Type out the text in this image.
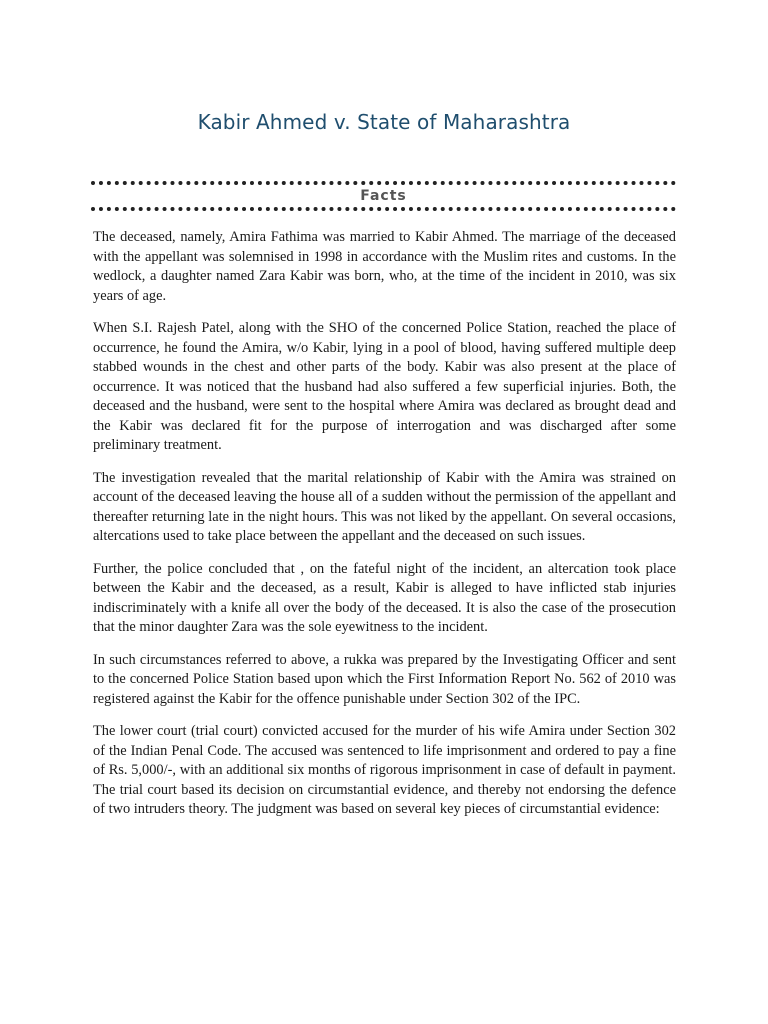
Kabir Ahmed v. State of Maharashtra
Facts

The deceased, namely, Amira Fathima was married to Kabir Ahmed. The marriage of the deceased with the appellant was solemnised in 1998 in accordance with the Muslim rites and customs. In the wedlock, a daughter named Zara Kabir was born, who, at the time of the incident in 2010, was six years of age.

When S.I. Rajesh Patel, along with the SHO of the concerned Police Station, reached the place of occurrence, he found the Amira, w/o Kabir, lying in a pool of blood, having suffered multiple deep stabbed wounds in the chest and other parts of the body. Kabir was also present at the place of occurrence. It was noticed that the husband had also suffered a few superficial injuries. Both, the deceased and the husband, were sent to the hospital where Amira was declared as brought dead and the Kabir was declared fit for the purpose of interrogation and was discharged after some preliminary treatment.

The investigation revealed that the marital relationship of Kabir with the Amira was strained on account of the deceased leaving the house all of a sudden without the permission of the appellant and thereafter returning late in the night hours. This was not liked by the appellant. On several occasions, altercations used to take place between the appellant and the deceased on such issues.

Further, the police concluded that , on the fateful night of the incident, an altercation took place between the Kabir and the deceased, as a result, Kabir is alleged to have inflicted stab injuries indiscriminately with a knife all over the body of the deceased. It is also the case of the prosecution that the minor daughter Zara was the sole eyewitness to the incident.

In such circumstances referred to above, a rukka was prepared by the Investigating Officer and sent to the concerned Police Station based upon which the First Information Report No. 562 of 2010 was registered against the Kabir for the offence punishable under Section 302 of the IPC.

The lower court (trial court) convicted accused for the murder of his wife Amira under Section 302 of the Indian Penal Code. The accused was sentenced to life imprisonment and ordered to pay a fine of Rs. 5,000/-, with an additional six months of rigorous imprisonment in case of default in payment. The trial court based its decision on circumstantial evidence, and thereby not endorsing the defence of two intruders theory. The judgment was based on several key pieces of circumstantial evidence:
